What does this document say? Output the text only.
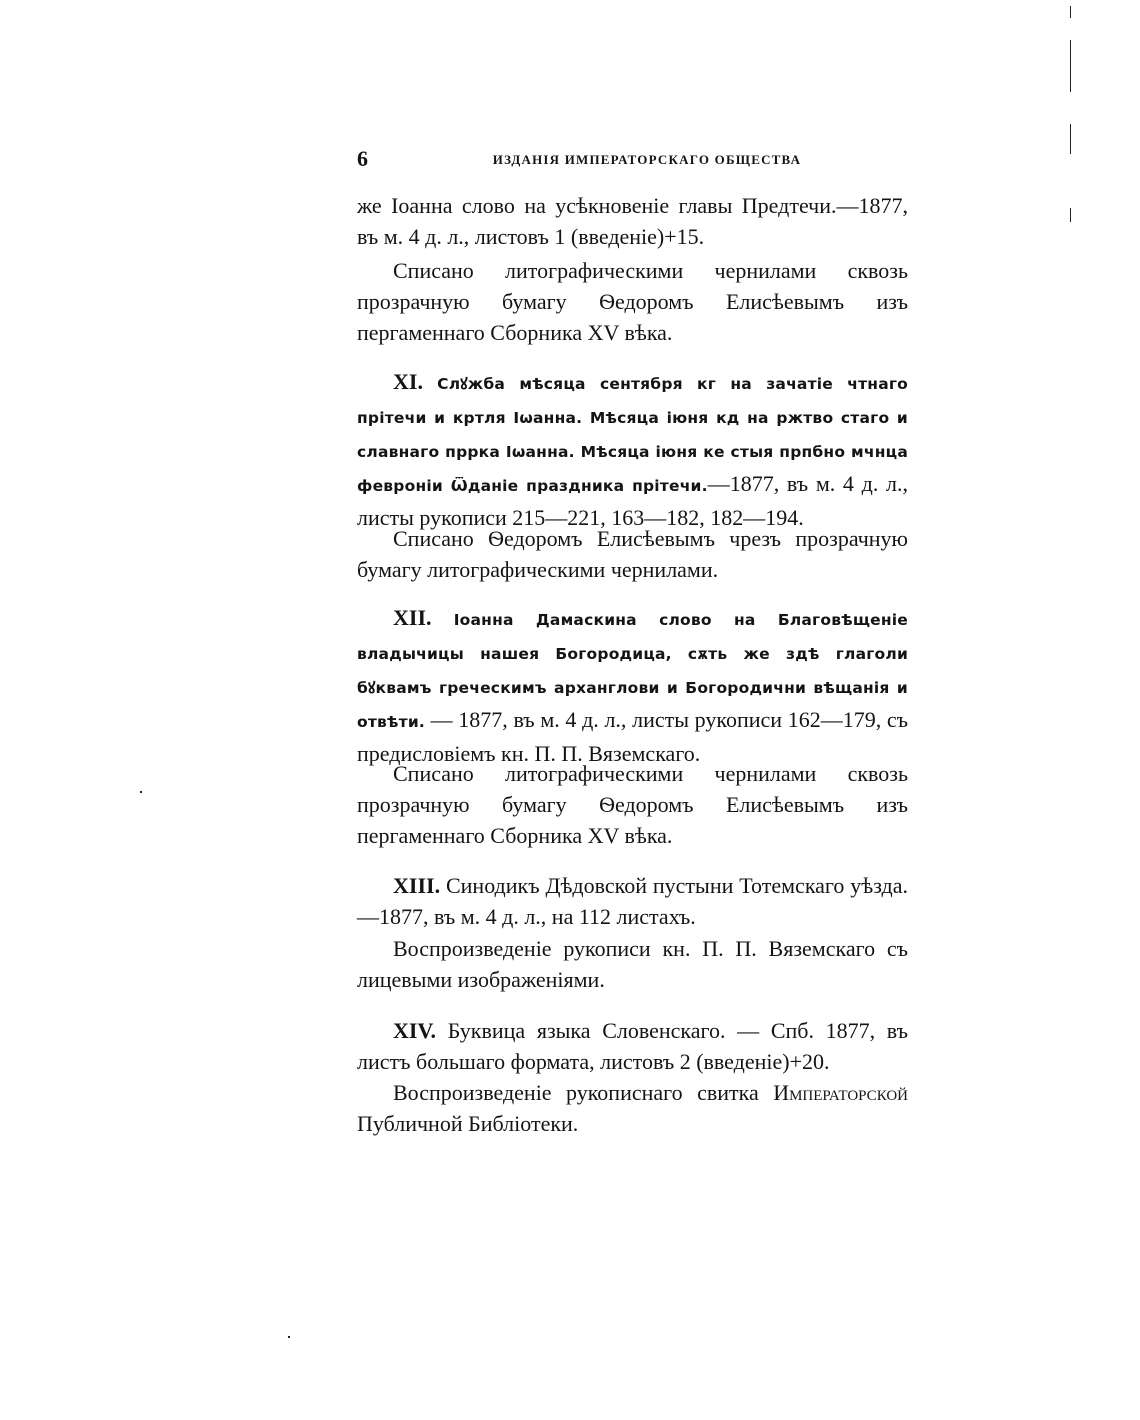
6	ИЗДАНІЯ ИМПЕРАТОРСКАГО ОБЩЕСТВА
же Іоанна слово на усѣкновеніе главы Предтечи.—1877, въ м. 4 д. л., листовъ 1 (введеніе)+15.
Списано литографическими чернилами сквозь прозрачную бумагу Ѳедоромъ Елисѣевымъ изъ пергаменнаго Сборника XV вѣка.
XI. Слꙋжба мѣсяца сентября кг на зачатіе чтнаго прітечи и кртля Іѡанна. Мѣсяца іюня кд на ржтво стаго и славнаго прркa Іѡанна. Мѣсяца іюня ке стыя прпбно мчнца февроніи Ѿданіе праздника прітечи.—1877, въ м. 4 д. л., листы рукописи 215—221, 163—182, 182—194.
Списано Ѳедоромъ Елисѣевымъ чрезъ прозрачную бумагу литографическими чернилами.
XII. Іоанна Дамаскина слово на Благовѣщеніе владычицы нашея Богородица, сѫть же здѣ глаголи бꙋквамъ греческимъ арханглови и Богородични вѣщанія и отвѣти. — 1877, въ м. 4 д. л., листы рукописи 162—179, съ предисловіемъ кн. П. П. Вяземскаго.
Списано литографическими чернилами сквозь прозрачную бумагу Ѳедоромъ Елисѣевымъ изъ пергаменнаго Сборника XV вѣка.
XIII. Синодикъ Дѣдовской пустыни Тотемскаго уѣзда.—1877, въ м. 4 д. л., на 112 листахъ.
Воспроизведеніе рукописи кн. П. П. Вяземскаго съ лицевыми изображеніями.
XIV. Буквица языка Словенскаго. — Спб. 1877, въ листъ большаго формата, листовъ 2 (введеніе)+20.
Воспроизведеніе рукописнаго свитка Императорской Публичной Библіотеки.
